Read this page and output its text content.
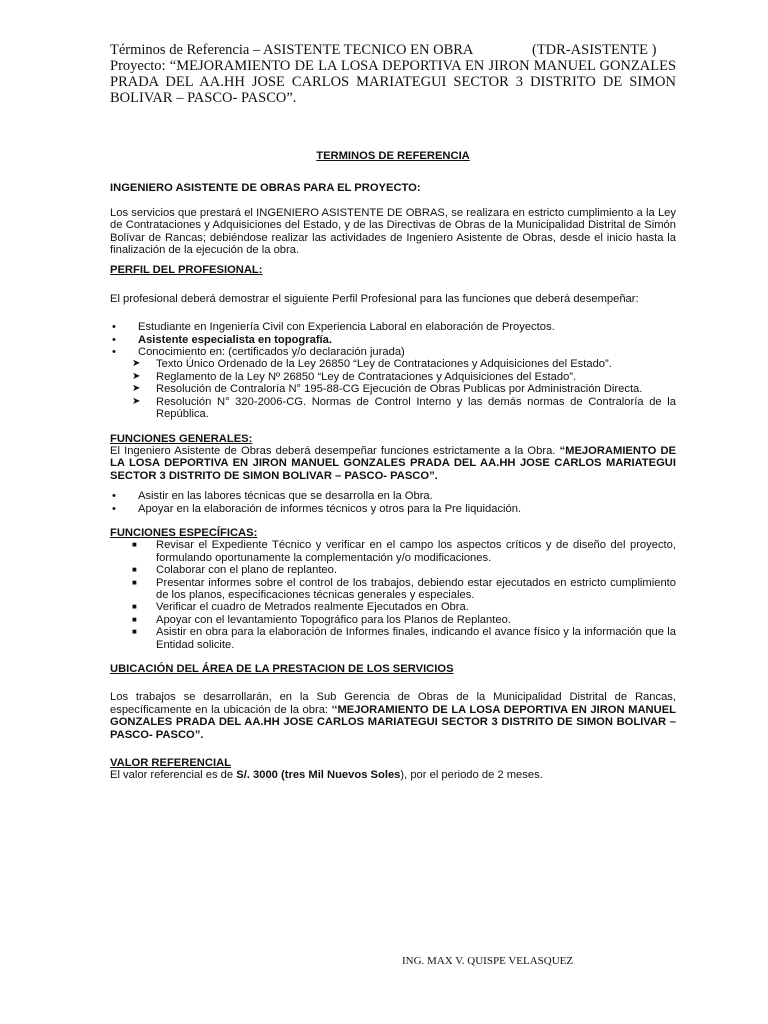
Términos de Referencia – ASISTENTE TECNICO EN OBRA	(TDR-ASISTENTE )
Proyecto: “MEJORAMIENTO DE LA LOSA DEPORTIVA EN JIRON MANUEL GONZALES PRADA DEL AA.HH JOSE CARLOS MARIATEGUI SECTOR 3 DISTRITO DE SIMON BOLIVAR – PASCO- PASCO”.
TERMINOS DE REFERENCIA
INGENIERO ASISTENTE DE OBRAS PARA EL PROYECTO:

Los servicios que prestará el INGENIERO ASISTENTE DE OBRAS, se realizara en estricto cumplimiento a la Ley de Contrataciones y Adquisiciones del Estado, y de las Directivas de Obras de la Municipalidad Distrital de Simón Bolívar de Rancas; debiéndose realizar las actividades de Ingeniero Asistente de Obras, desde el inicio hasta la finalización de la ejecución de la obra.

PERFIL DEL PROFESIONAL:

El profesional deberá demostrar el siguiente Perfil Profesional para las funciones que deberá desempeñar:

• Estudiante en Ingeniería Civil con Experiencia Laboral en elaboración de Proyectos.
• Asistente especialista en topografía.
• Conocimiento en: (certificados y/o declaración jurada)
➤ Texto Único Ordenado de la Ley 26850 “Ley de Contrataciones y Adquisiciones del Estado”.
➤ Reglamento de la Ley Nº 26850 “Ley de Contrataciones y Adquisiciones del Estado”.
➤ Resolución de Contraloría N° 195-88-CG Ejecución de Obras Publicas por Administración Directa.
➤ Resolución N° 320-2006-CG. Normas de Control Interno y las demás normas de Contraloría de la República.
FUNCIONES GENERALES:

El Ingeniero Asistente de Obras deberá desempeñar funciones estrictamente a la Obra. “MEJORAMIENTO DE LA LOSA DEPORTIVA EN JIRON MANUEL GONZALES PRADA DEL AA.HH JOSE CARLOS MARIATEGUI SECTOR 3 DISTRITO DE SIMON BOLIVAR – PASCO- PASCO”.

• Asistir en las labores técnicas que se desarrolla en la Obra.
• Apoyar en la elaboración de informes técnicos y otros para la Pre liquidación.
FUNCIONES ESPECÍFICAS:
■ Revisar el Expediente Técnico y verificar en el campo los aspectos críticos y de diseño del proyecto, formulando oportunamente la complementación y/o modificaciones.
■ Colaborar con el plano de replanteo.
■ Presentar informes sobre el control de los trabajos, debiendo estar ejecutados en estricto cumplimiento de los planos, especificaciones técnicas generales y especiales.
■ Verificar el cuadro de Metrados realmente Ejecutados en Obra.
■ Apoyar con el levantamiento Topográfico para los Planos de Replanteo.
■ Asistir en obra para la elaboración de Informes finales, indicando el avance físico y la información que la Entidad solicite.
UBICACIÓN DEL ÁREA DE LA PRESTACION DE LOS SERVICIOS

Los trabajos se desarrollarán, en la Sub Gerencia de Obras de la Municipalidad Distrital de Rancas, específicamente en la ubicación de la obra: ‘‘MEJORAMIENTO DE LA LOSA DEPORTIVA EN JIRON MANUEL GONZALES PRADA DEL AA.HH JOSE CARLOS MARIATEGUI SECTOR 3 DISTRITO DE SIMON BOLIVAR – PASCO- PASCO”.

VALOR REFERENCIAL

El valor referencial es de S/. 3000 (tres Mil Nuevos Soles), por el periodo de 2 meses.

ING. MAX V. QUISPE VELASQUEZ
